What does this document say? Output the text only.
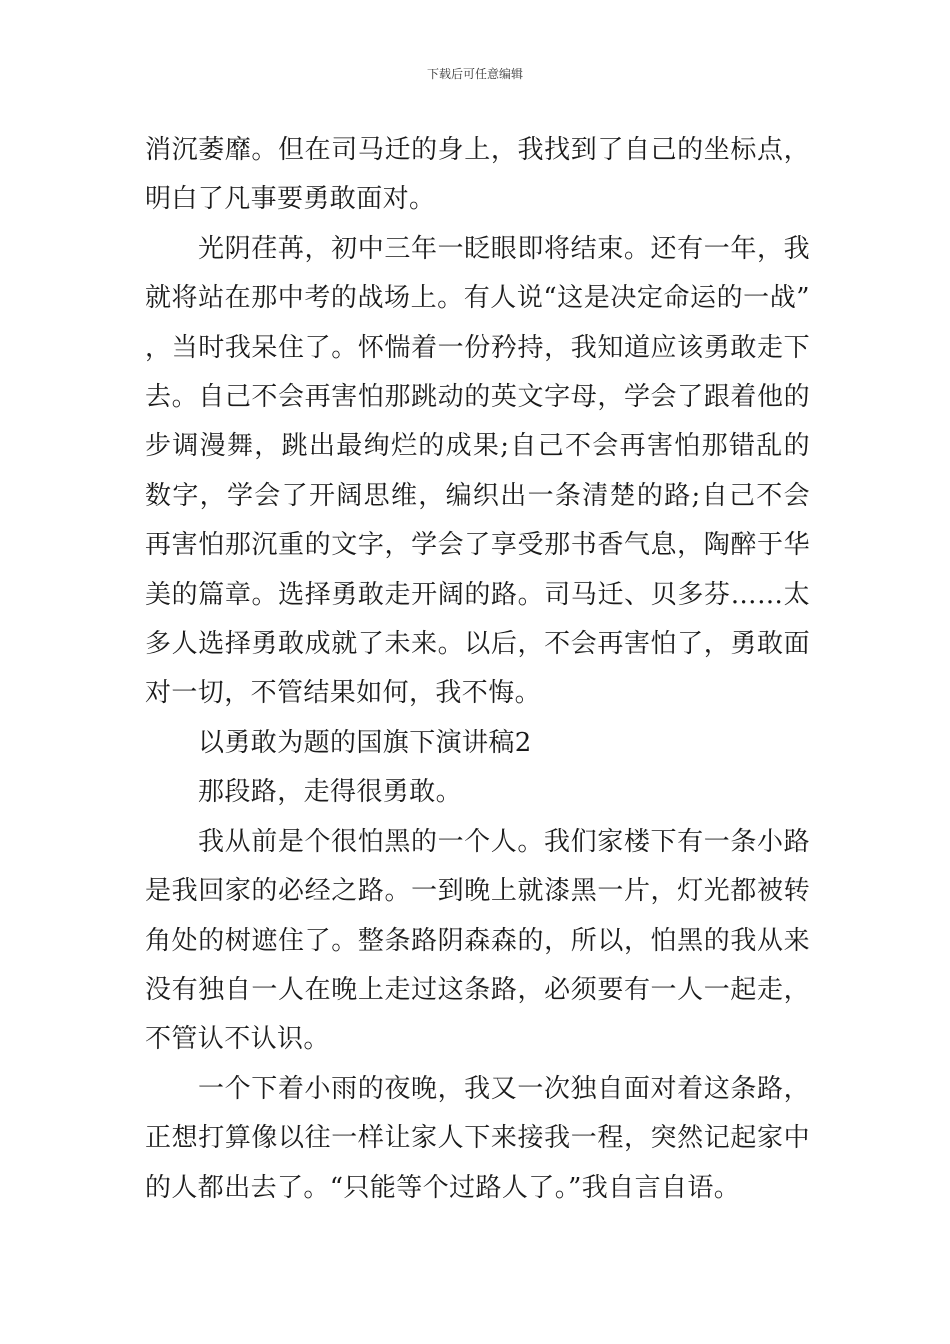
下载后可任意编辑

消沉萎靡。但在司马迁的身上，我找到了自己的坐标点，明白了凡事要勇敢面对。

光阴荏苒，初中三年一眨眼即将结束。还有一年，我就将站在那中考的战场上。有人说“这是决定命运的一战”，当时我呆住了。怀惴着一份矜持，我知道应该勇敢走下去。自己不会再害怕那跳动的英文字母，学会了跟着他的步调漫舞，跳出最绚烂的成果;自己不会再害怕那错乱的数字，学会了开阔思维，编织出一条清楚的路;自己不会再害怕那沉重的文字，学会了享受那书香气息，陶醉于华美的篇章。选择勇敢走开阔的路。司马迁、贝多芬……太多人选择勇敢成就了未来。以后，不会再害怕了，勇敢面对一切，不管结果如何，我不悔。

以勇敢为题的国旗下演讲稿2

那段路，走得很勇敢。

我从前是个很怕黑的一个人。我们家楼下有一条小路是我回家的必经之路。一到晚上就漆黑一片，灯光都被转角处的树遮住了。整条路阴森森的，所以，怕黑的我从来没有独自一人在晚上走过这条路，必须要有一人一起走，不管认不认识。

一个下着小雨的夜晚，我又一次独自面对着这条路，正想打算像以往一样让家人下来接我一程，突然记起家中的人都出去了。“只能等个过路人了。”我自言自语。
